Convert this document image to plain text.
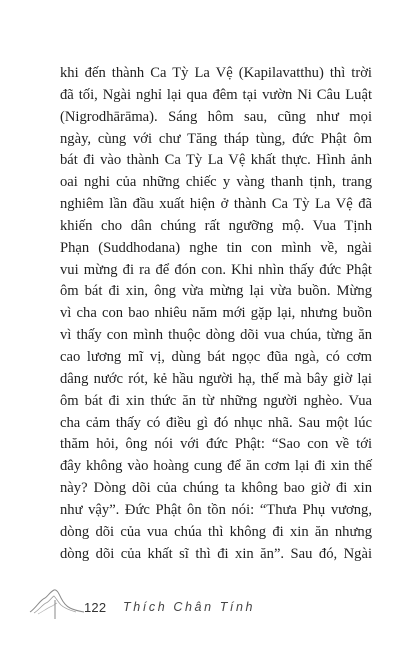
khi đến thành Ca Tỳ La Vệ (Kapilavatthu) thì trời
đã tối, Ngài nghỉ lại qua đêm tại vườn Ni Câu Luật
(Nigrodhārāma). Sáng hôm sau, cũng như mọi
ngày, cùng với chư Tăng tháp tùng, đức Phật ôm
bát đi vào thành Ca Tỳ La Vệ khất thực. Hình ảnh
oai nghi của những chiếc y vàng thanh tịnh, trang
nghiêm lần đầu xuất hiện ở thành Ca Tỳ La Vệ đã
khiến cho dân chúng rất ngưỡng mộ. Vua Tịnh
Phạn (Suddhodana) nghe tin con mình về, ngài
vui mừng đi ra để đón con. Khi nhìn thấy đức Phật
ôm bát đi xin, ông vừa mừng lại vừa buồn. Mừng
vì cha con bao nhiêu năm mới gặp lại, nhưng buồn
vì thấy con mình thuộc dòng dõi vua chúa, từng ăn
cao lương mĩ vị, dùng bát ngọc đũa ngà, có cơm
dâng nước rót, kẻ hầu người hạ, thế mà bây giờ lại
ôm bát đi xin thức ăn từ những người nghèo. Vua
cha cảm thấy có điều gì đó nhục nhã. Sau một lúc
thăm hỏi, ông nói với đức Phật: “Sao con về tới
đây không vào hoàng cung để ăn cơm lại đi xin thế
này? Dòng dõi của chúng ta không bao giờ đi xin
như vậy”. Đức Phật ôn tồn nói: “Thưa Phụ vương,
dòng dõi của vua chúa thì không đi xin ăn nhưng
dòng dõi của khất sĩ thì đi xin ăn”. Sau đó, Ngài
122 Thích Chân Tính
